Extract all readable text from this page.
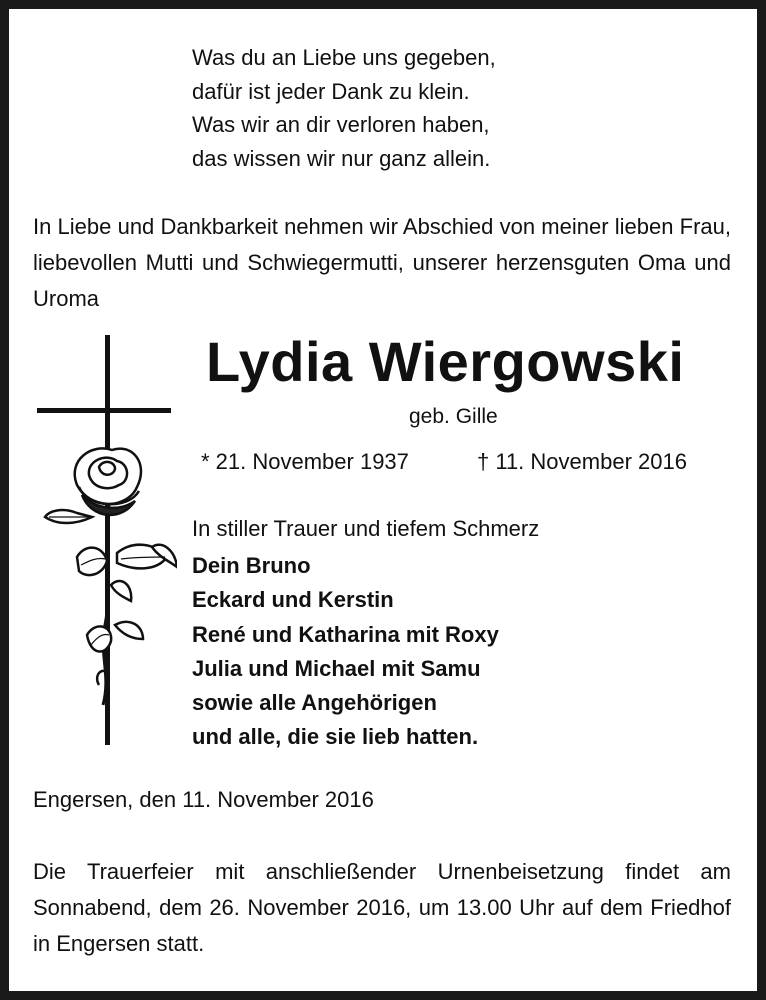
Was du an Liebe uns gegeben,
dafür ist jeder Dank zu klein.
Was wir an dir verloren haben,
das wissen wir nur ganz allein.
In Liebe und Dankbarkeit nehmen wir Abschied von meiner lieben Frau, liebevollen Mutti und Schwiegermutti, unserer herzensguten Oma und Uroma
Lydia Wiergowski
geb. Gille
* 21. November 1937	† 11. November 2016
In stiller Trauer und tiefem Schmerz
Dein Bruno
Eckard und Kerstin
René und Katharina mit Roxy
Julia und Michael mit Samu
sowie alle Angehörigen
und alle, die sie lieb hatten.
Engersen, den 11. November 2016
Die Trauerfeier mit anschließender Urnenbeisetzung findet am Sonnabend, dem 26. November 2016, um 13.00 Uhr auf dem Friedhof in Engersen statt.
